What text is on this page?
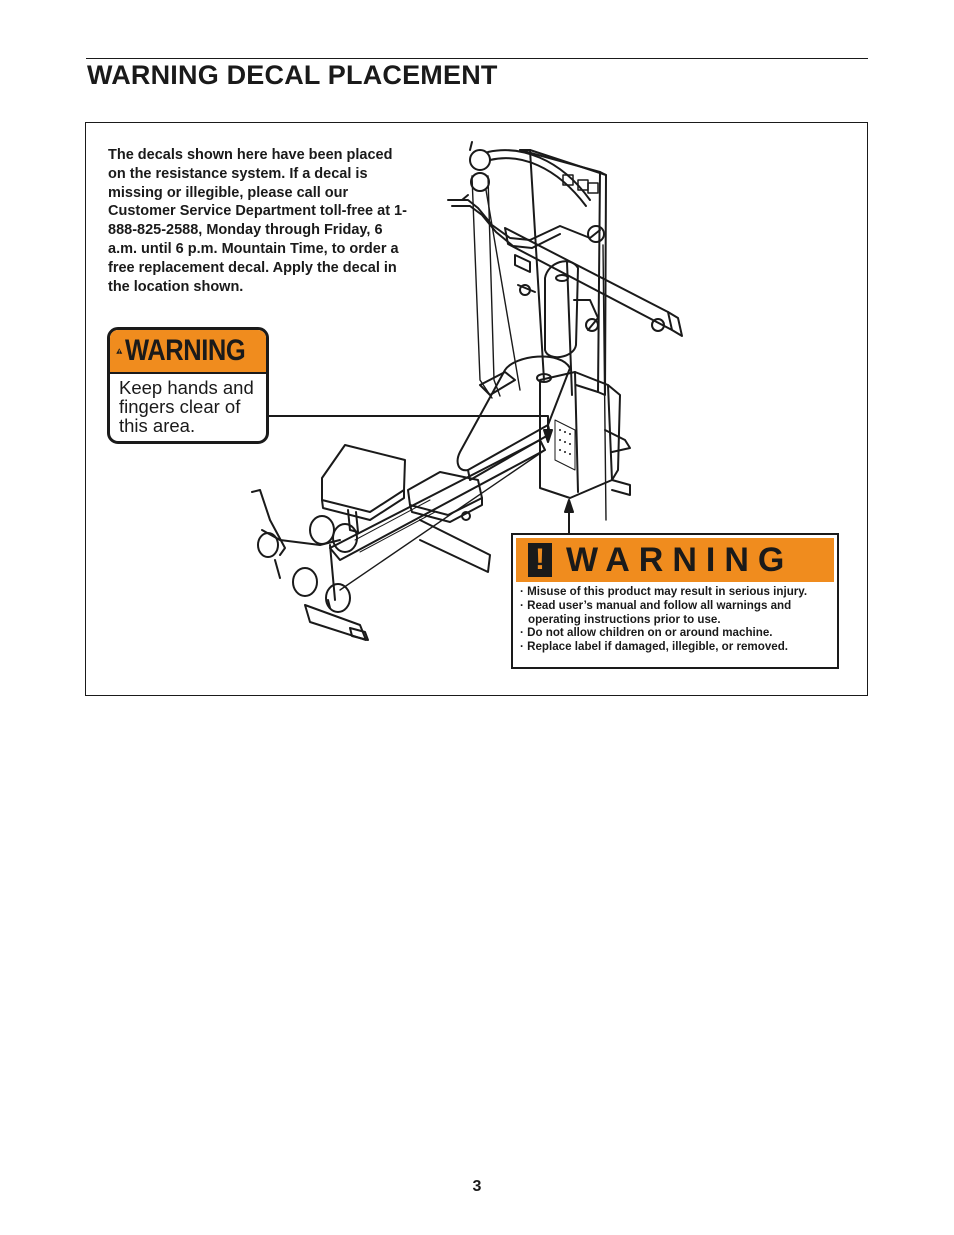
WARNING DECAL PLACEMENT

The decals shown here have been placed on the resistance system. If a decal is missing or illegible, please call our Customer Service Department toll-free at 1-888-825-2588, Monday through Friday, 6 a.m. until 6 p.m. Mountain Time, to order a free replacement decal. Apply the decal in the location shown.

WARNING
Keep hands and fingers clear of this area.
! WARNING
· Misuse of this product may result in serious injury.
· Read user’s manual and follow all warnings and operating instructions prior to use.
· Do not allow children on or around machine.
· Replace label if damaged, illegible, or removed.

3
